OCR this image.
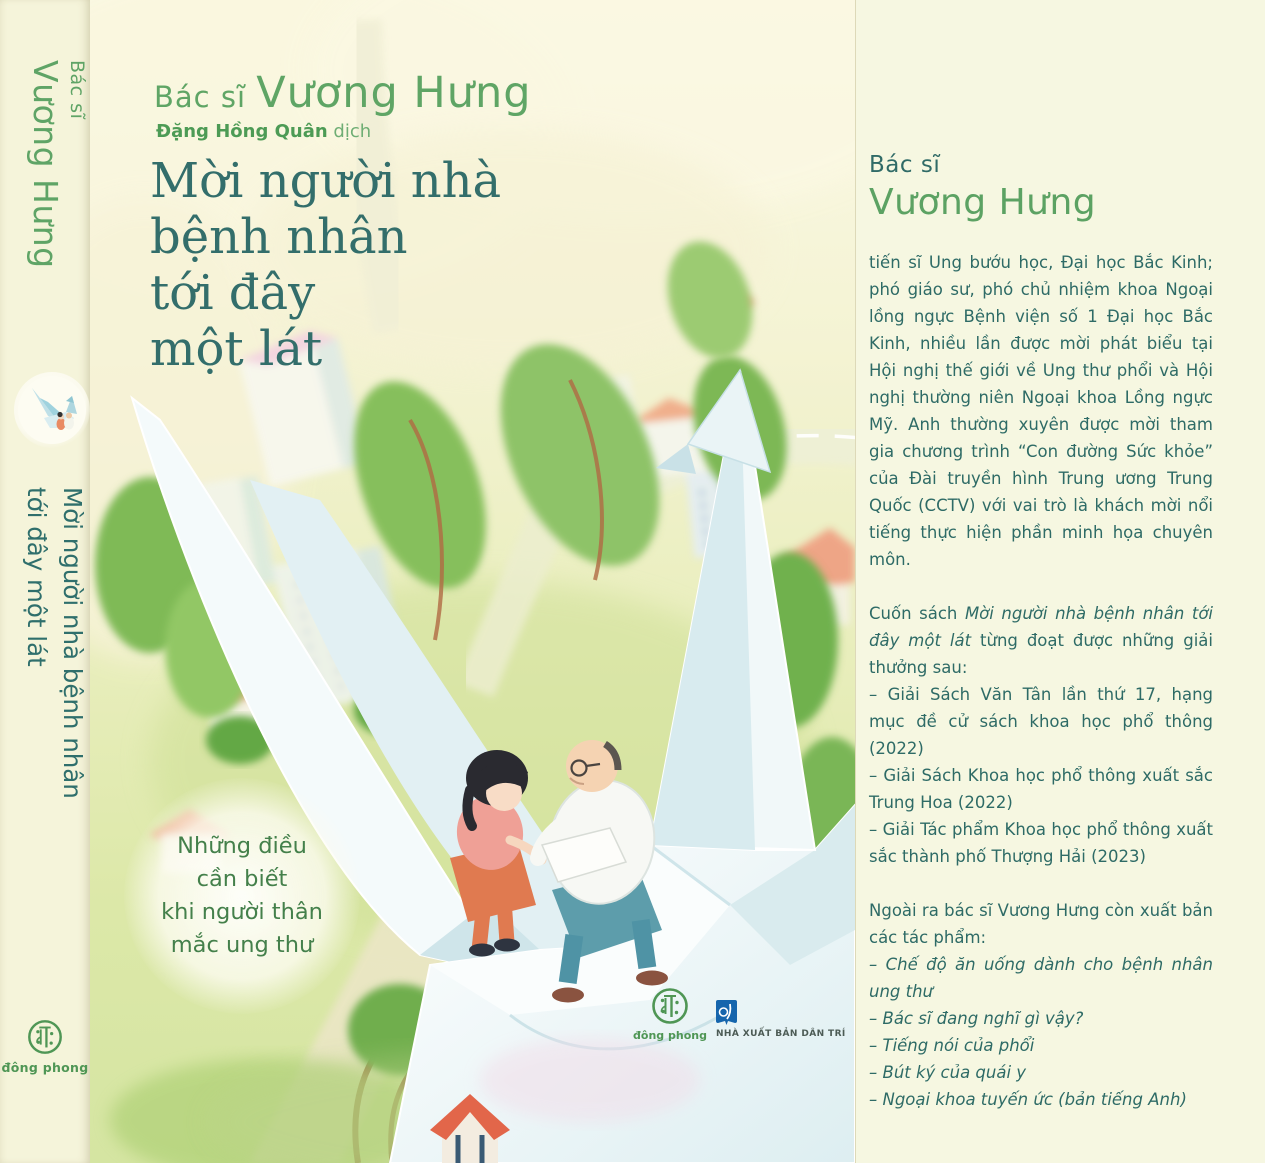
Bác sĩ
Vương Hưng
Mời người nhà bệnh nhân
tới đây một lát
đông phong
Bác sĩ Vương Hưng
Đặng Hồng Quân dịch
Mời người nhà
bệnh nhân
tới đây
một lát
Những điều
cần biết
khi người thân
mắc ung thư
đông phong NHÀ XUẤT BẢN DÂN TRÍ
Bác sĩ
Vương Hưng
tiến sĩ Ung bướu học, Đại học Bắc Kinh; phó giáo sư, phó chủ nhiệm khoa Ngoại lồng ngực Bệnh viện số 1 Đại học Bắc Kinh, nhiều lần được mời phát biểu tại Hội nghị thế giới về Ung thư phổi và Hội nghị thường niên Ngoại khoa Lồng ngực Mỹ. Anh thường xuyên được mời tham gia chương trình “Con đường Sức khỏe” của Đài truyền hình Trung ương Trung Quốc (CCTV) với vai trò là khách mời nổi tiếng thực hiện phần minh họa chuyên môn.
Cuốn sách Mời người nhà bệnh nhân tới đây một lát từng đoạt được những giải thưởng sau:
– Giải Sách Văn Tân lần thứ 17, hạng mục đề cử sách khoa học phổ thông (2022)
– Giải Sách Khoa học phổ thông xuất sắc Trung Hoa (2022)
– Giải Tác phẩm Khoa học phổ thông xuất sắc thành phố Thượng Hải (2023)
Ngoài ra bác sĩ Vương Hưng còn xuất bản các tác phẩm:
– Chế độ ăn uống dành cho bệnh nhân ung thư
– Bác sĩ đang nghĩ gì vậy?
– Tiếng nói của phổi
– Bút ký của quái y
– Ngoại khoa tuyến ức (bản tiếng Anh)
